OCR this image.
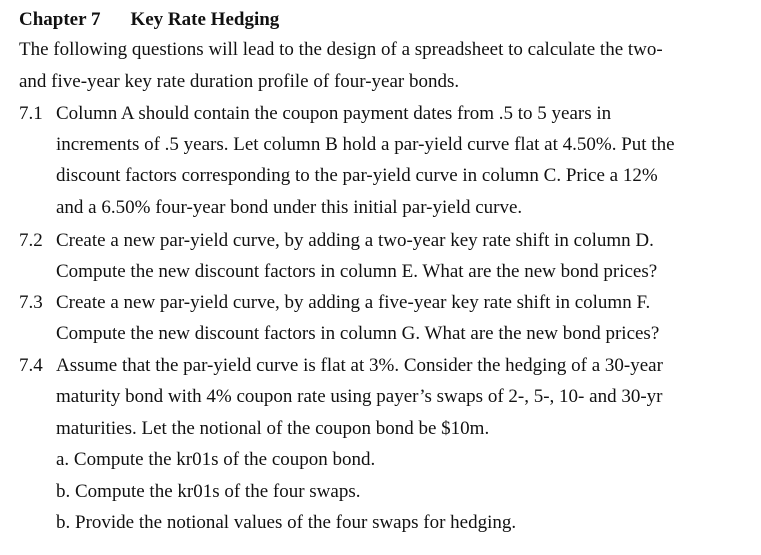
Chapter 7 Key Rate Hedging
The following questions will lead to the design of a spreadsheet to calculate the two-
and five-year key rate duration profile of four-year bonds.
7.1 Column A should contain the coupon payment dates from .5 to 5 years in
increments of .5 years. Let column B hold a par-yield curve flat at 4.50%. Put the
discount factors corresponding to the par-yield curve in column C. Price a 12%
and a 6.50% four-year bond under this initial par-yield curve.
7.2 Create a new par-yield curve, by adding a two-year key rate shift in column D.
Compute the new discount factors in column E. What are the new bond prices?
7.3 Create a new par-yield curve, by adding a five-year key rate shift in column F.
Compute the new discount factors in column G. What are the new bond prices?
7.4 Assume that the par-yield curve is flat at 3%. Consider the hedging of a 30-year
maturity bond with 4% coupon rate using payer’s swaps of 2-, 5-, 10- and 30-yr
maturities. Let the notional of the coupon bond be $10m.
a. Compute the kr01s of the coupon bond.
b. Compute the kr01s of the four swaps.
b. Provide the notional values of the four swaps for hedging.
